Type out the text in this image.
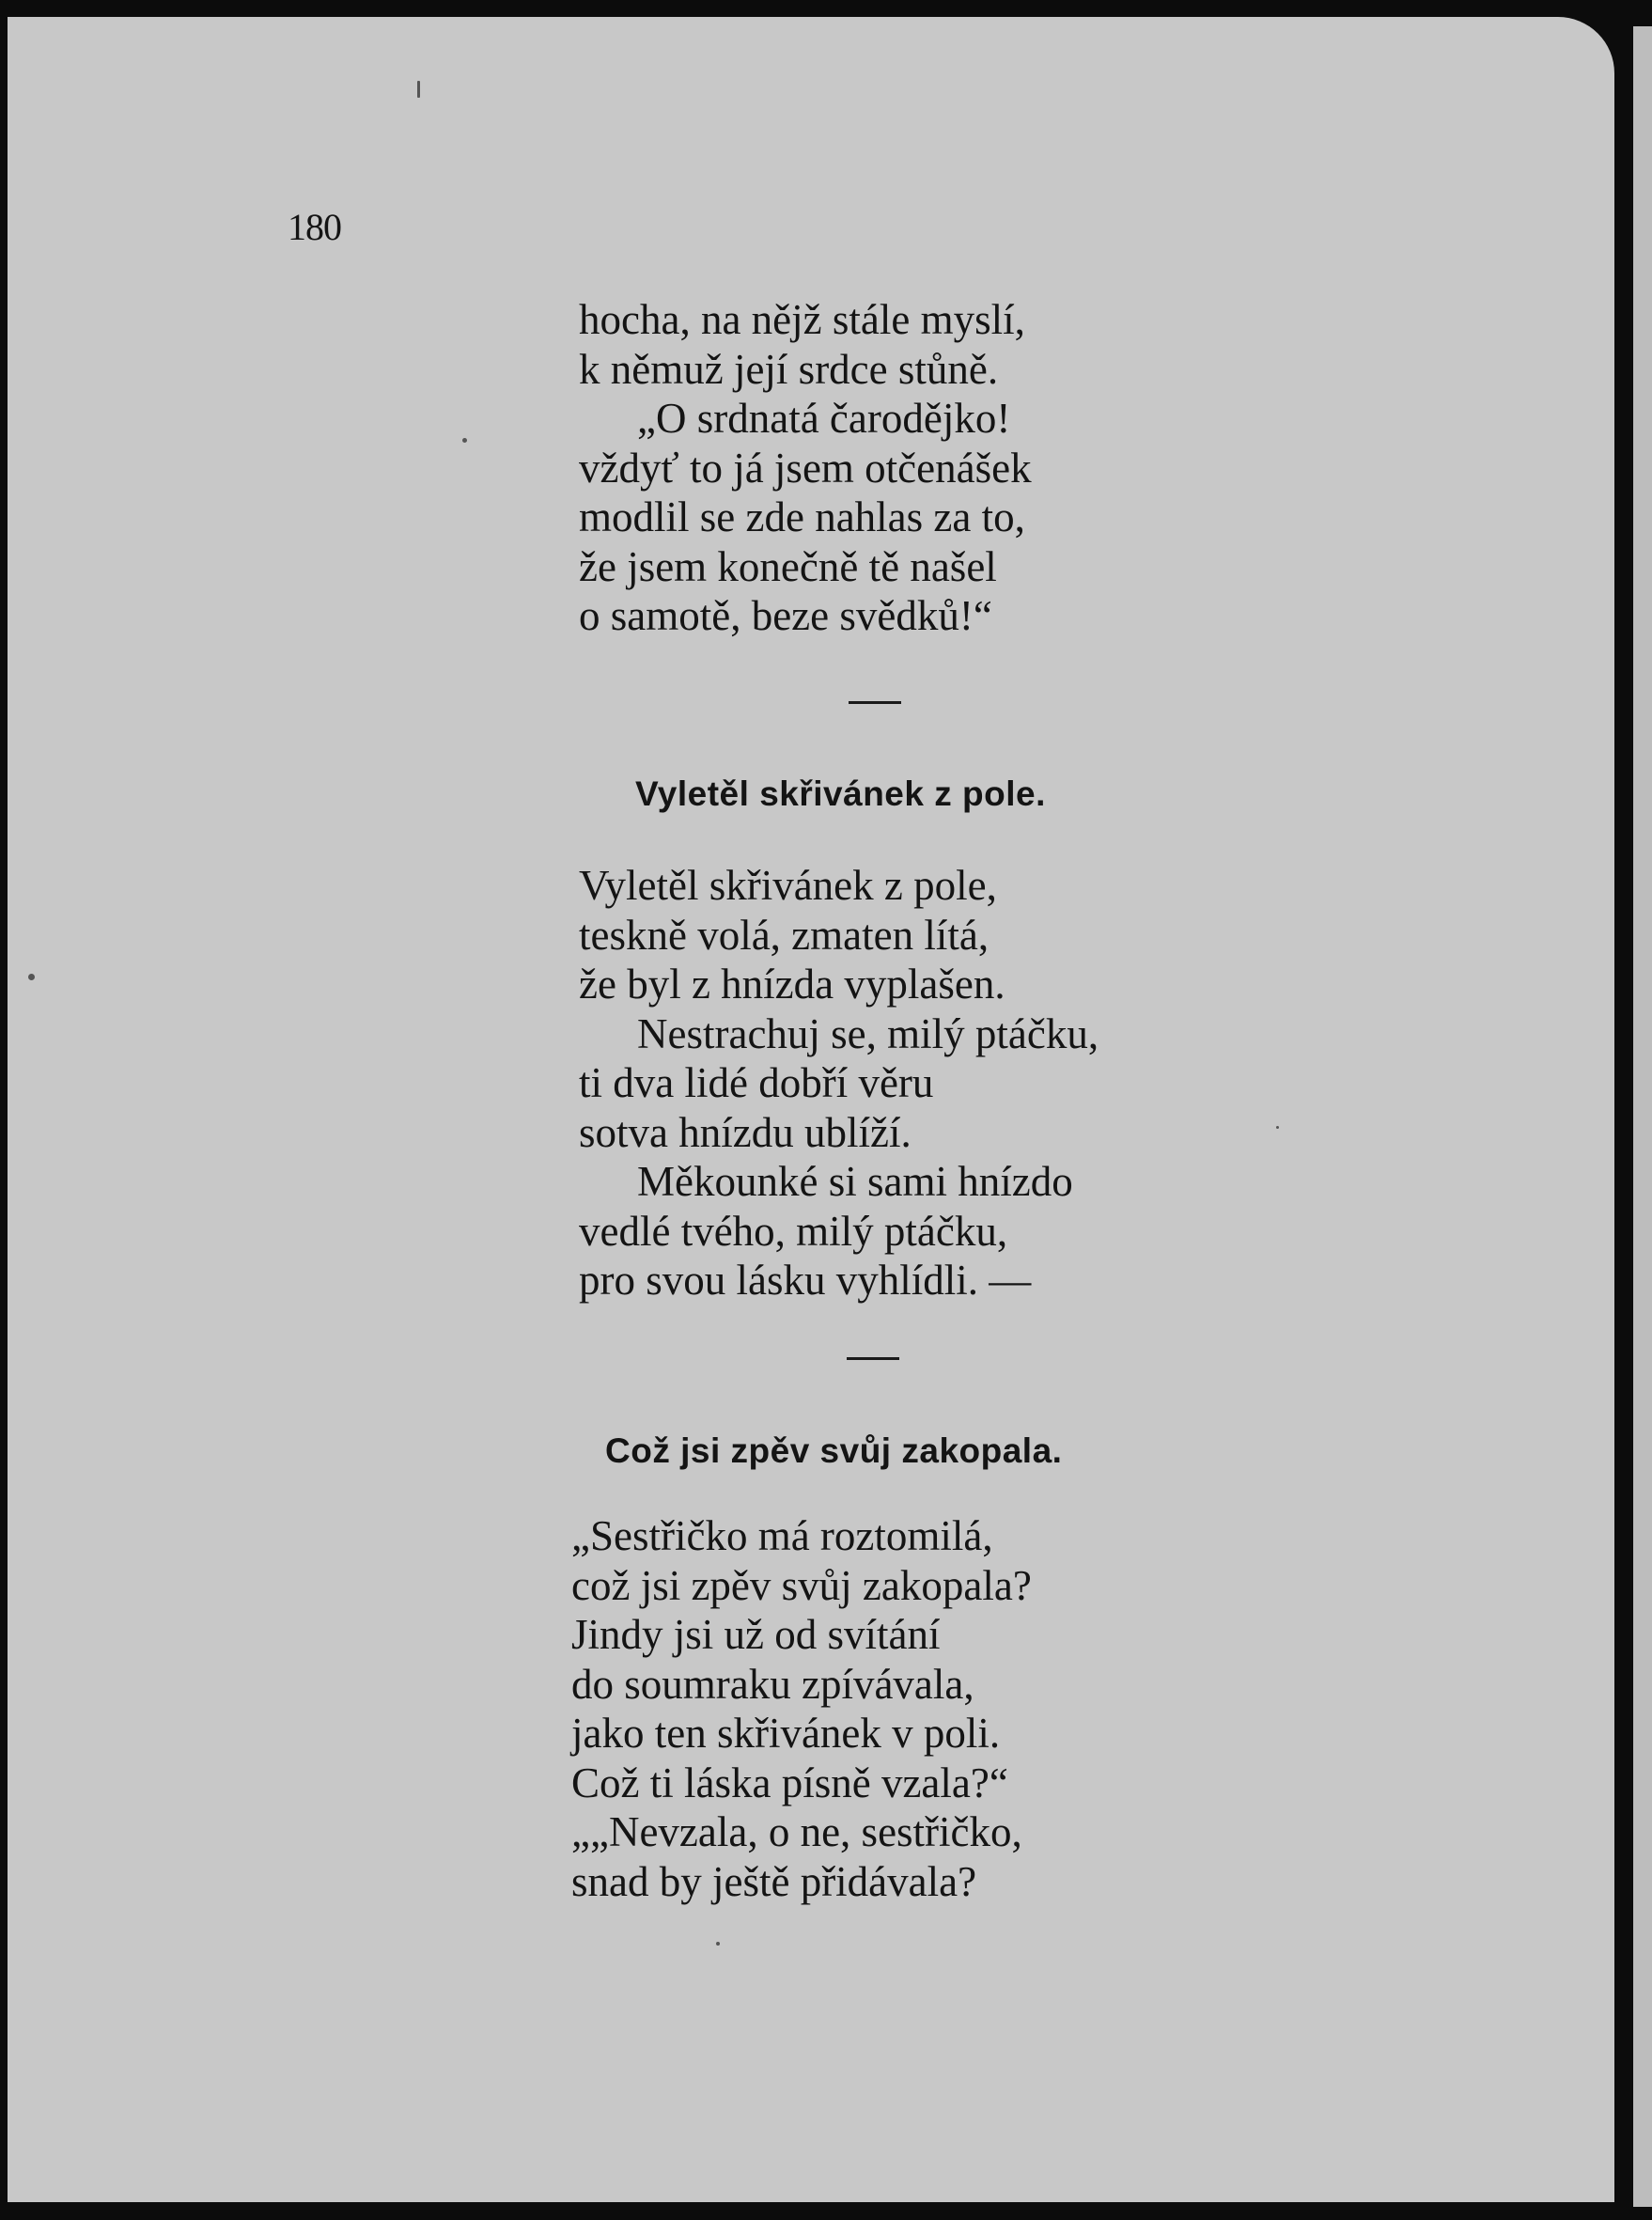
180
hocha, na nějž stále myslí,
k němuž její srdce stůně.
„O srdnatá čarodějko!
vždyť to já jsem otčenášek
modlil se zde nahlas za to,
že jsem konečně tě našel
o samotě, beze svědků!“
Vyletěl skřivánek z pole.
Vyletěl skřivánek z pole,
teskně volá, zmaten lítá,
že byl z hnízda vyplašen.
Nestrachuj se, milý ptáčku,
ti dva lidé dobří věru
sotva hnízdu ublíží.
Měkounké si sami hnízdo
vedlé tvého, milý ptáčku,
pro svou lásku vyhlídli. —
Což jsi zpěv svůj zakopala.
„Sestřičko má roztomilá,
což jsi zpěv svůj zakopala?
Jindy jsi už od svítání
do soumraku zpívávala,
jako ten skřivánek v poli.
Což ti láska písně vzala?“
„„Nevzala, o ne, sestřičko,
snad by ještě přidávala?
